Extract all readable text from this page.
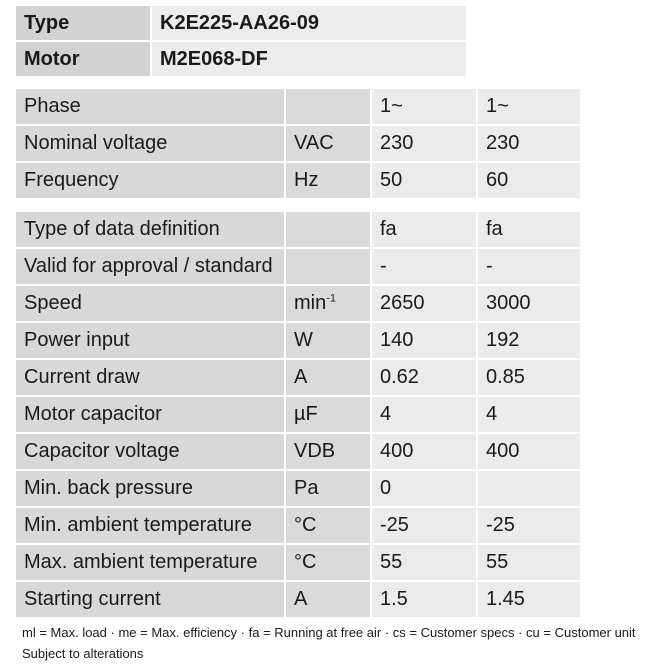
Type	K2E225-AA26-09
Motor	M2E068-DF
Phase		1~	1~
Nominal voltage	VAC	230	230
Frequency	Hz	50	60

Type of data definition		fa	fa
Valid for approval / standard		-	-
Speed	$\min^{-1}$	2650	3000
Power input	W	140	192
Current draw	A	0.62	0.85
Motor capacitor	µF	4	4
Capacitor voltage	VDB	400	400
Min. back pressure	Pa	0	
Min. ambient temperature	°C	-25	-25
Max. ambient temperature	°C	55	55
Starting current	A	1.5	1.45
ml = Max. load · me = Max. efficiency · fa = Running at free air · cs = Customer specs · cu = Customer unit
Subject to alterations
